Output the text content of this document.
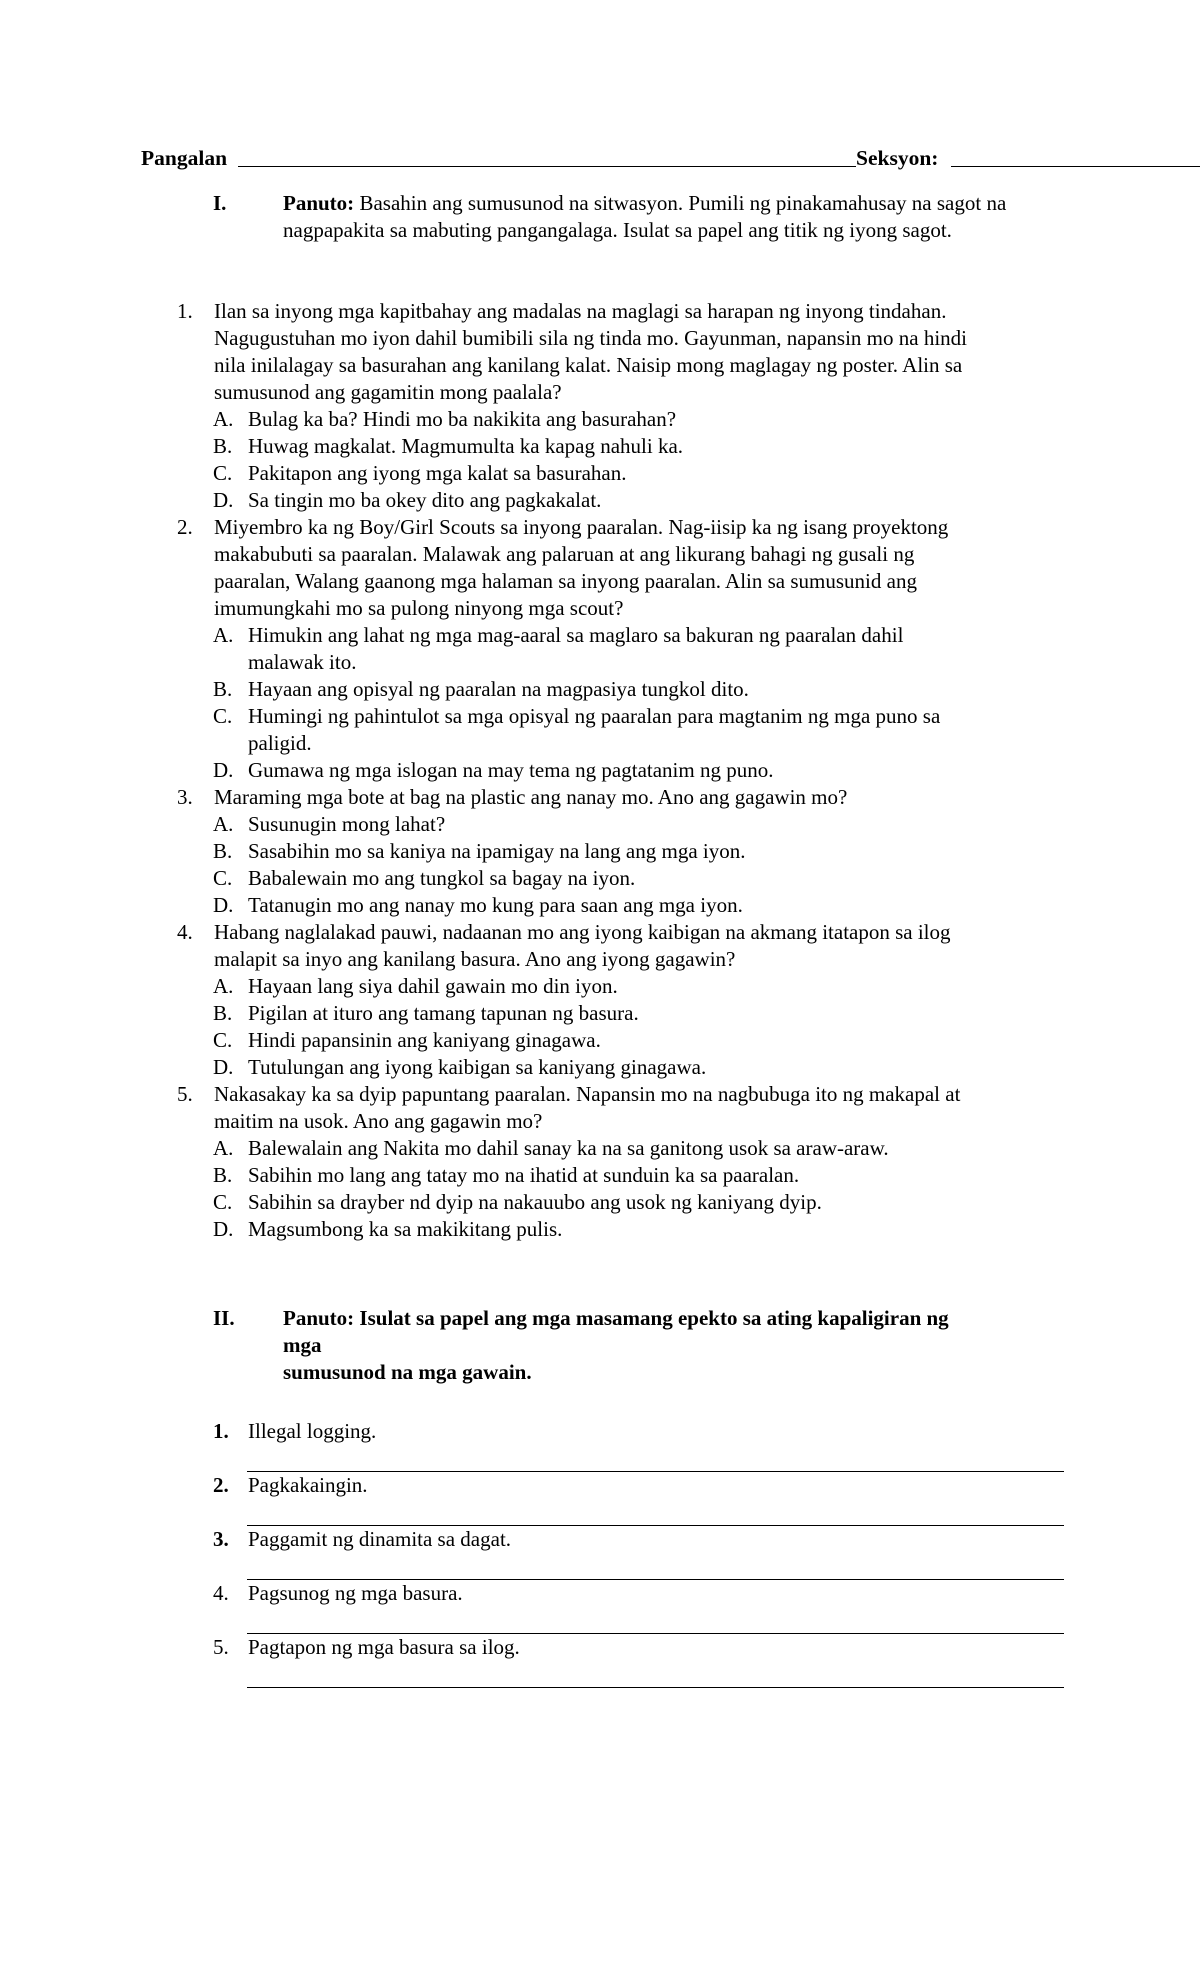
Pangalan	Seksyon:
I.	Panuto: Basahin ang sumusunod na sitwasyon. Pumili ng pinakamahusay na sagot na nagpapakita sa mabuting pangangalaga. Isulat sa papel ang titik ng iyong sagot.
1. Ilan sa inyong mga kapitbahay ang madalas na maglagi sa harapan ng inyong tindahan.
Nagugustuhan mo iyon dahil bumibili sila ng tinda mo. Gayunman, napansin mo na hindi
nila inilalagay sa basurahan ang kanilang kalat. Naisip mong maglagay ng poster. Alin sa
sumusunod ang gagamitin mong paalala?
A. Bulag ka ba? Hindi mo ba nakikita ang basurahan?
B. Huwag magkalat. Magmumulta ka kapag nahuli ka.
C. Pakitapon ang iyong mga kalat sa basurahan.
D. Sa tingin mo ba okey dito ang pagkakalat.
2. Miyembro ka ng Boy/Girl Scouts sa inyong paaralan. Nag-iisip ka ng isang proyektong
makabubuti sa paaralan. Malawak ang palaruan at ang likurang bahagi ng gusali ng
paaralan, Walang gaanong mga halaman sa inyong paaralan. Alin sa sumusunid ang
imumungkahi mo sa pulong ninyong mga scout?
A. Himukin ang lahat ng mga mag-aaral sa maglaro sa bakuran ng paaralan dahil
malawak ito.
B. Hayaan ang opisyal ng paaralan na magpasiya tungkol dito.
C. Humingi ng pahintulot sa mga opisyal ng paaralan para magtanim ng mga puno sa
paligid.
D. Gumawa ng mga islogan na may tema ng pagtatanim ng puno.
3. Maraming mga bote at bag na plastic ang nanay mo. Ano ang gagawin mo?
A. Susunugin mong lahat?
B. Sasabihin mo sa kaniya na ipamigay na lang ang mga iyon.
C. Babalewain mo ang tungkol sa bagay na iyon.
D. Tatanugin mo ang nanay mo kung para saan ang mga iyon.
4. Habang naglalakad pauwi, nadaanan mo ang iyong kaibigan na akmang itatapon sa ilog
malapit sa inyo ang kanilang basura. Ano ang iyong gagawin?
A. Hayaan lang siya dahil gawain mo din iyon.
B. Pigilan at ituro ang tamang tapunan ng basura.
C. Hindi papansinin ang kaniyang ginagawa.
D. Tutulungan ang iyong kaibigan sa kaniyang ginagawa.
5. Nakasakay ka sa dyip papuntang paaralan. Napansin mo na nagbubuga ito ng makapal at
maitim na usok. Ano ang gagawin mo?
A. Balewalain ang Nakita mo dahil sanay ka na sa ganitong usok sa araw-araw.
B. Sabihin mo lang ang tatay mo na ihatid at sunduin ka sa paaralan.
C. Sabihin sa drayber nd dyip na nakauubo ang usok ng kaniyang dyip.
D. Magsumbong ka sa makikitang pulis.
II. Panuto: Isulat sa papel ang mga masamang epekto sa ating kapaligiran ng
mga
sumusunod na mga gawain.
1. Illegal logging.
2. Pagkakaingin.
3. Paggamit ng dinamita sa dagat.
4. Pagsunog ng mga basura.
5. Pagtapon ng mga basura sa ilog.
